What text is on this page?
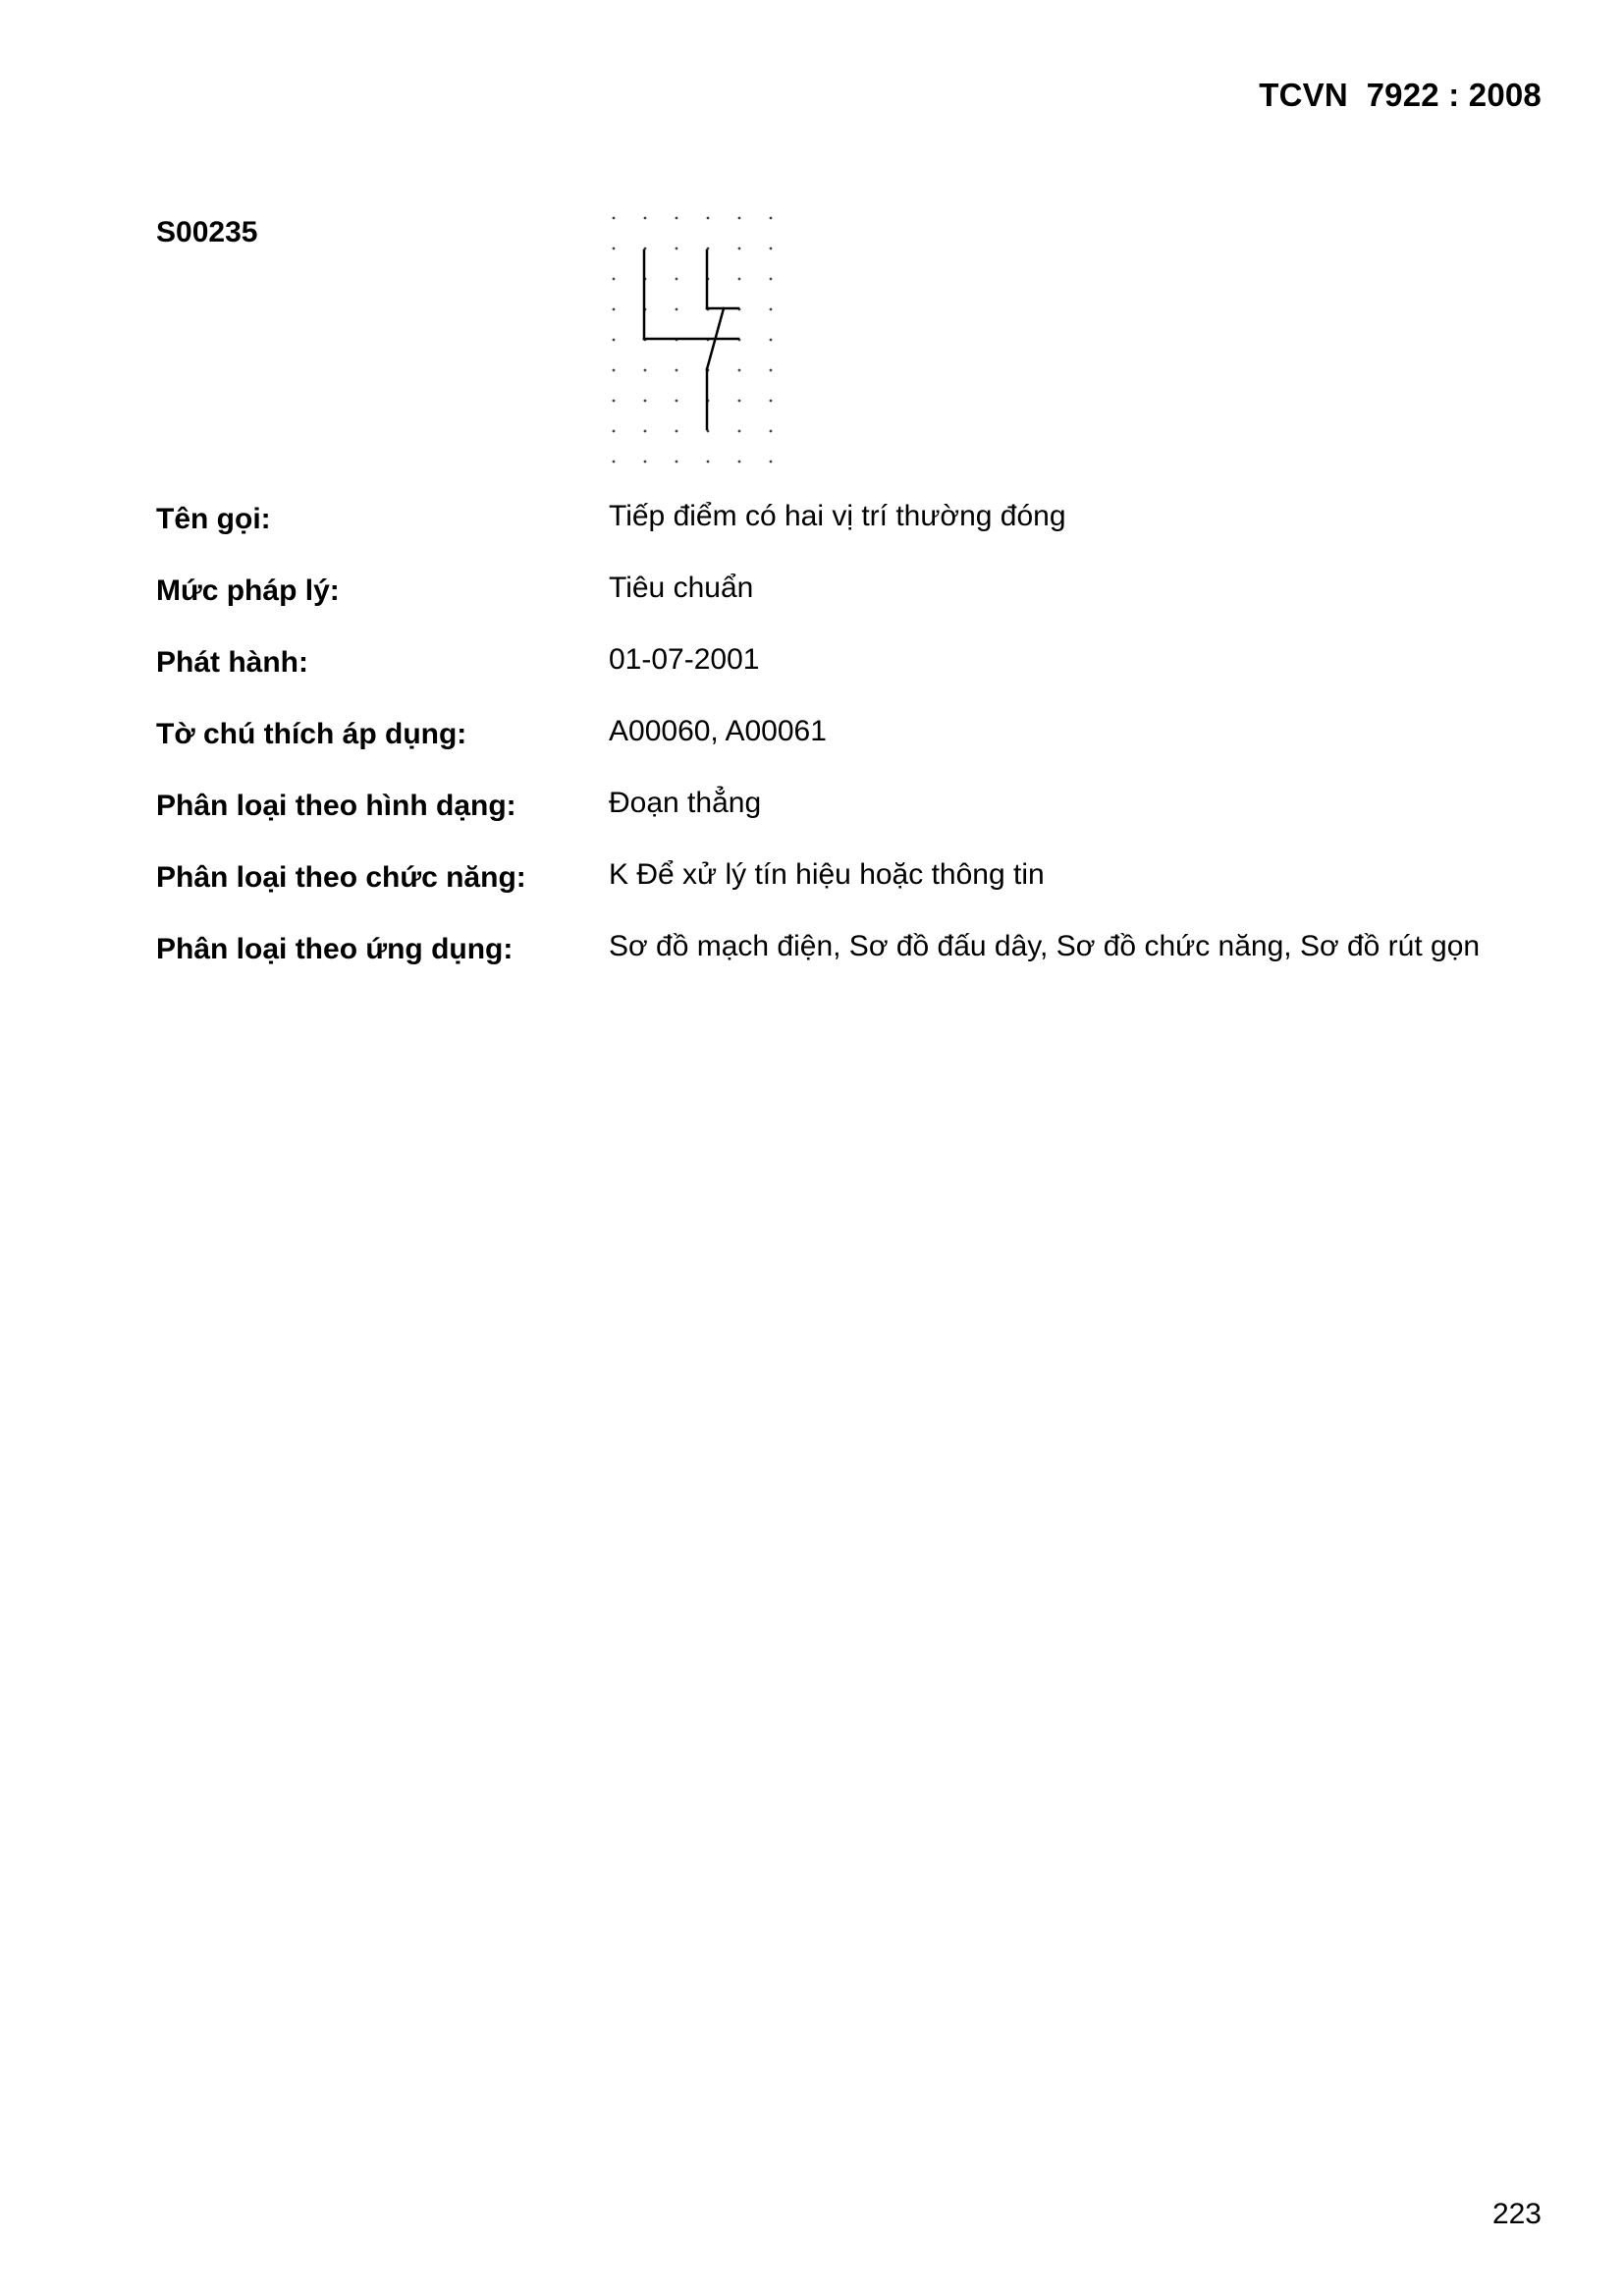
TCVN  7922 : 2008
S00235
Tên gọi:	Tiếp điểm có hai vị trí thường đóng
Mức pháp lý:	Tiêu chuẩn
Phát hành:	01-07-2001
Tờ chú thích áp dụng:	A00060, A00061
Phân loại theo hình dạng:	Đoạn thẳng
Phân loại theo chức năng:	K Để xử lý tín hiệu hoặc thông tin
Phân loại theo ứng dụng:	Sơ đồ mạch điện, Sơ đồ đấu dây, Sơ đồ chức năng, Sơ đồ rút gọn
223
